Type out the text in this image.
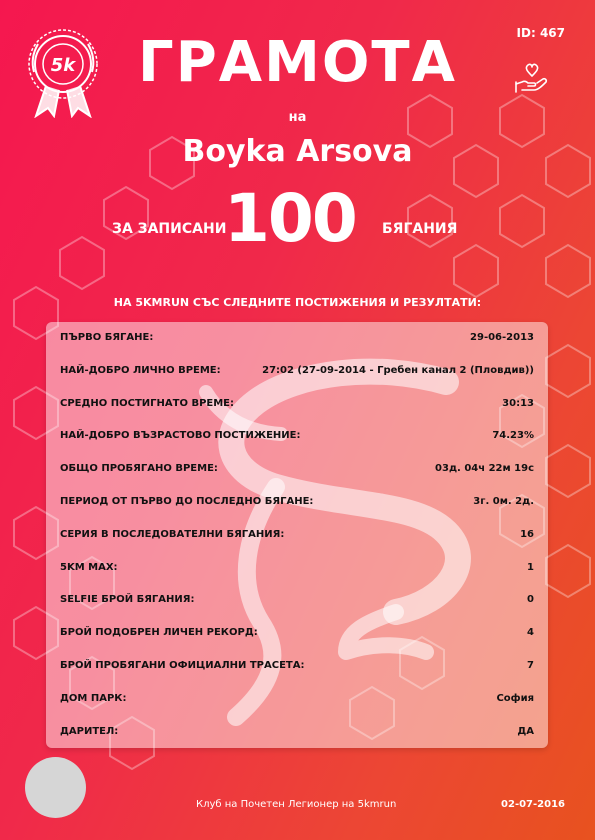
5k
ID: 467
ГРАМОТА
на
Boyka Arsova
ЗА ЗАПИСАНИ
100 БЯГАНИЯ
НА 5KMRUN СЪС СЛЕДНИТЕ ПОСТИЖЕНИЯ И РЕЗУЛТАТИ:
ПЪРВО БЯГАНЕ:	29-06-2013
НАЙ-ДОБРО ЛИЧНО ВРЕМЕ:	27:02 (27-09-2014 - Гребен канал 2 (Пловдив))
СРЕДНО ПОСТИГНАТО ВРЕМЕ:	30:13
НАЙ-ДОБРО ВЪЗРАСТОВО ПОСТИЖЕНИЕ:	74.23%
ОБЩО ПРОБЯГАНО ВРЕМЕ:	03д. 04ч 22м 19с
ПЕРИОД ОТ ПЪРВО ДО ПОСЛЕДНО БЯГАНЕ:	3г. 0м. 2д.
СЕРИЯ В ПОСЛЕДОВАТЕЛНИ БЯГАНИЯ:	16
5KM MAX:	1
SELFIE БРОЙ БЯГАНИЯ:	0
БРОЙ ПОДОБРЕН ЛИЧЕН РЕКОРД:	4
БРОЙ ПРОБЯГАНИ ОФИЦИАЛНИ ТРАСЕТА:	7
ДОМ ПАРК:	София
ДАРИТЕЛ:	ДА
Клуб на Почетен Легионер на 5kmrun	02-07-2016
